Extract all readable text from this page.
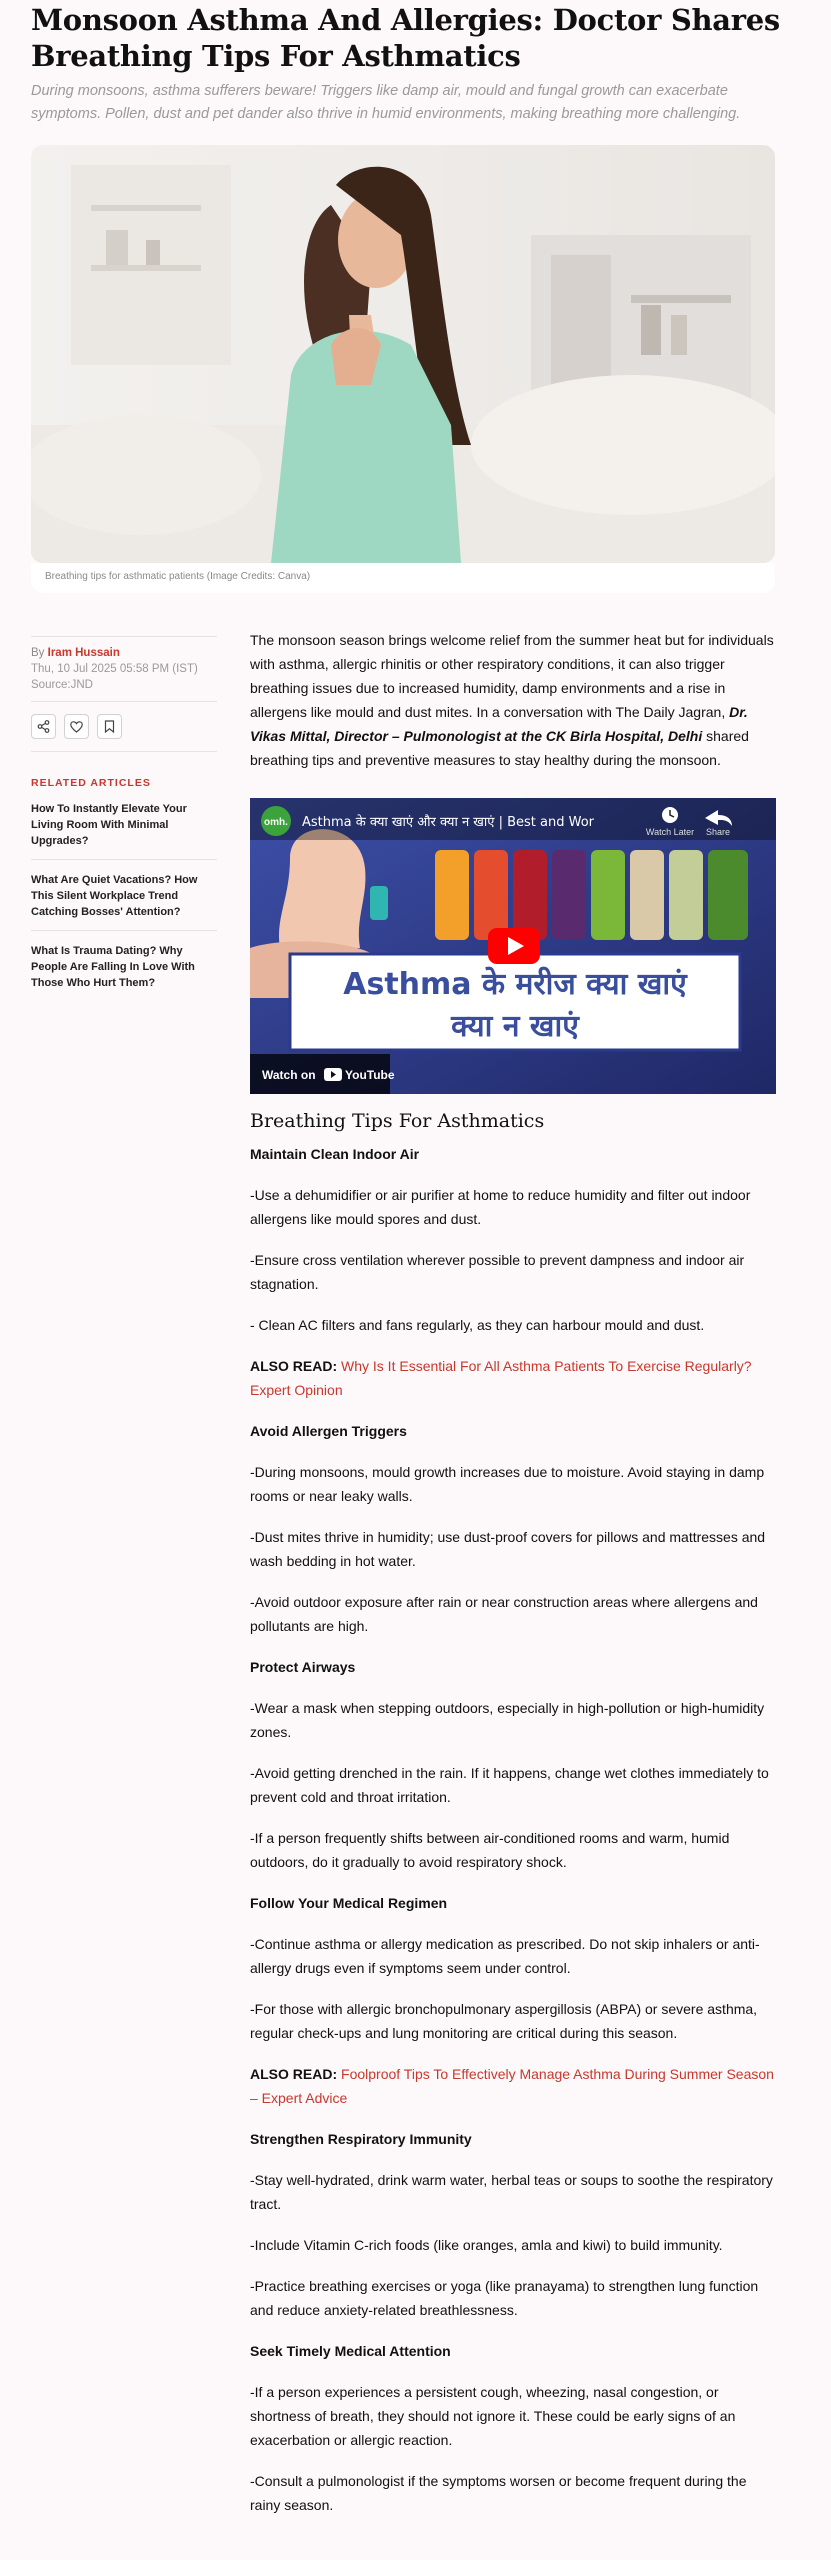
Monsoon Asthma And Allergies: Doctor Shares Breathing Tips For Asthmatics

During monsoons, asthma sufferers beware! Triggers like damp air, mould and fungal growth can exacerbate symptoms. Pollen, dust and pet dander also thrive in humid environments, making breathing more challenging.

Breathing tips for asthmatic patients (Image Credits: Canva)
By Iram Hussain
Thu, 10 Jul 2025 05:58 PM (IST)
Source:JND
RELATED ARTICLES
How To Instantly Elevate Your Living Room With Minimal Upgrades?
What Are Quiet Vacations? How This Silent Workplace Trend Catching Bosses' Attention?
What Is Trauma Dating? Why People Are Falling In Love With Those Who Hurt Them?

The monsoon season brings welcome relief from the summer heat but for individuals with asthma, allergic rhinitis or other respiratory conditions, it can also trigger breathing issues due to increased humidity, damp environments and a rise in allergens like mould and dust mites. In a conversation with The Daily Jagran, Dr. Vikas Mittal, Director – Pulmonologist at the CK Birla Hospital, Delhi shared breathing tips and preventive measures to stay healthy during the monsoon.

omh. Asthma के क्या खाएं और क्या न खाएं | Best and Wor
Watch Later Share
Asthma के मरीज क्या खाएं
क्या न खाएं
Watch on YouTube
Breathing Tips For Asthmatics

Maintain Clean Indoor Air

-Use a dehumidifier or air purifier at home to reduce humidity and filter out indoor allergens like mould spores and dust.

-Ensure cross ventilation wherever possible to prevent dampness and indoor air stagnation.

- Clean AC filters and fans regularly, as they can harbour mould and dust.

ALSO READ: Why Is It Essential For All Asthma Patients To Exercise Regularly? Expert Opinion

Avoid Allergen Triggers

-During monsoons, mould growth increases due to moisture. Avoid staying in damp rooms or near leaky walls.

-Dust mites thrive in humidity; use dust-proof covers for pillows and mattresses and wash bedding in hot water.

-Avoid outdoor exposure after rain or near construction areas where allergens and pollutants are high.

Protect Airways

-Wear a mask when stepping outdoors, especially in high-pollution or high-humidity zones.

-Avoid getting drenched in the rain. If it happens, change wet clothes immediately to prevent cold and throat irritation.

-If a person frequently shifts between air-conditioned rooms and warm, humid outdoors, do it gradually to avoid respiratory shock.

Follow Your Medical Regimen

-Continue asthma or allergy medication as prescribed. Do not skip inhalers or anti-allergy drugs even if symptoms seem under control.

-For those with allergic bronchopulmonary aspergillosis (ABPA) or severe asthma, regular check-ups and lung monitoring are critical during this season.

ALSO READ: Foolproof Tips To Effectively Manage Asthma During Summer Season – Expert Advice

Strengthen Respiratory Immunity

-Stay well-hydrated, drink warm water, herbal teas or soups to soothe the respiratory tract.

-Include Vitamin C-rich foods (like oranges, amla and kiwi) to build immunity.

-Practice breathing exercises or yoga (like pranayama) to strengthen lung function and reduce anxiety-related breathlessness.

Seek Timely Medical Attention

-If a person experiences a persistent cough, wheezing, nasal congestion, or shortness of breath, they should not ignore it. These could be early signs of an exacerbation or allergic reaction.

-Consult a pulmonologist if the symptoms worsen or become frequent during the rainy season.
